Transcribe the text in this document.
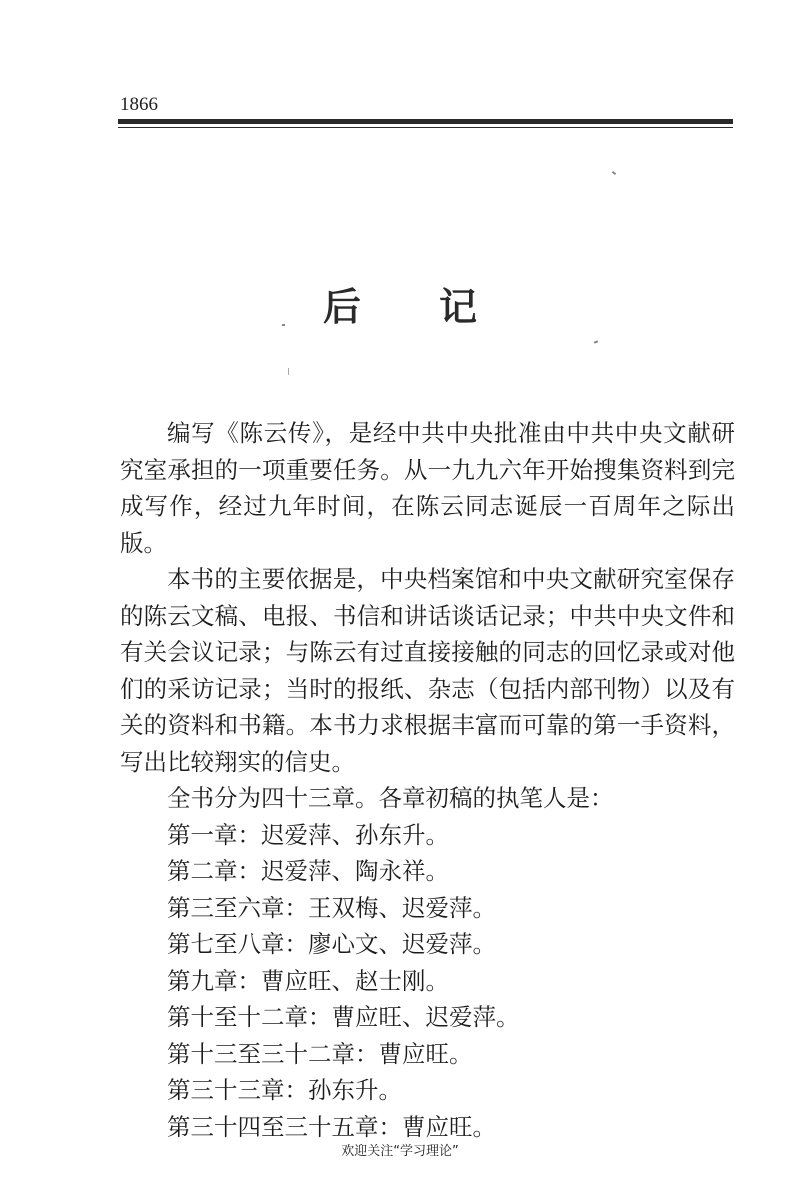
1866
后 记

编写《陈云传》，是经中共中央批准由中共中央文献研究室承担的一项重要任务。从一九九六年开始搜集资料到完成写作，经过九年时间，在陈云同志诞辰一百周年之际出版。

本书的主要依据是，中央档案馆和中央文献研究室保存的陈云文稿、电报、书信和讲话谈话记录；中共中央文件和有关会议记录；与陈云有过直接接触的同志的回忆录或对他们的采访记录；当时的报纸、杂志（包括内部刊物）以及有关的资料和书籍。本书力求根据丰富而可靠的第一手资料，写出比较翔实的信史。

全书分为四十三章。各章初稿的执笔人是：

第一章：迟爱萍、孙东升。

第二章：迟爱萍、陶永祥。

第三至六章：王双梅、迟爱萍。

第七至八章：廖心文、迟爱萍。

第九章：曹应旺、赵士刚。

第十至十二章：曹应旺、迟爱萍。

第十三至三十二章：曹应旺。

第三十三章：孙东升。

第三十四至三十五章：曹应旺。

欢迎关注“学习理论”
